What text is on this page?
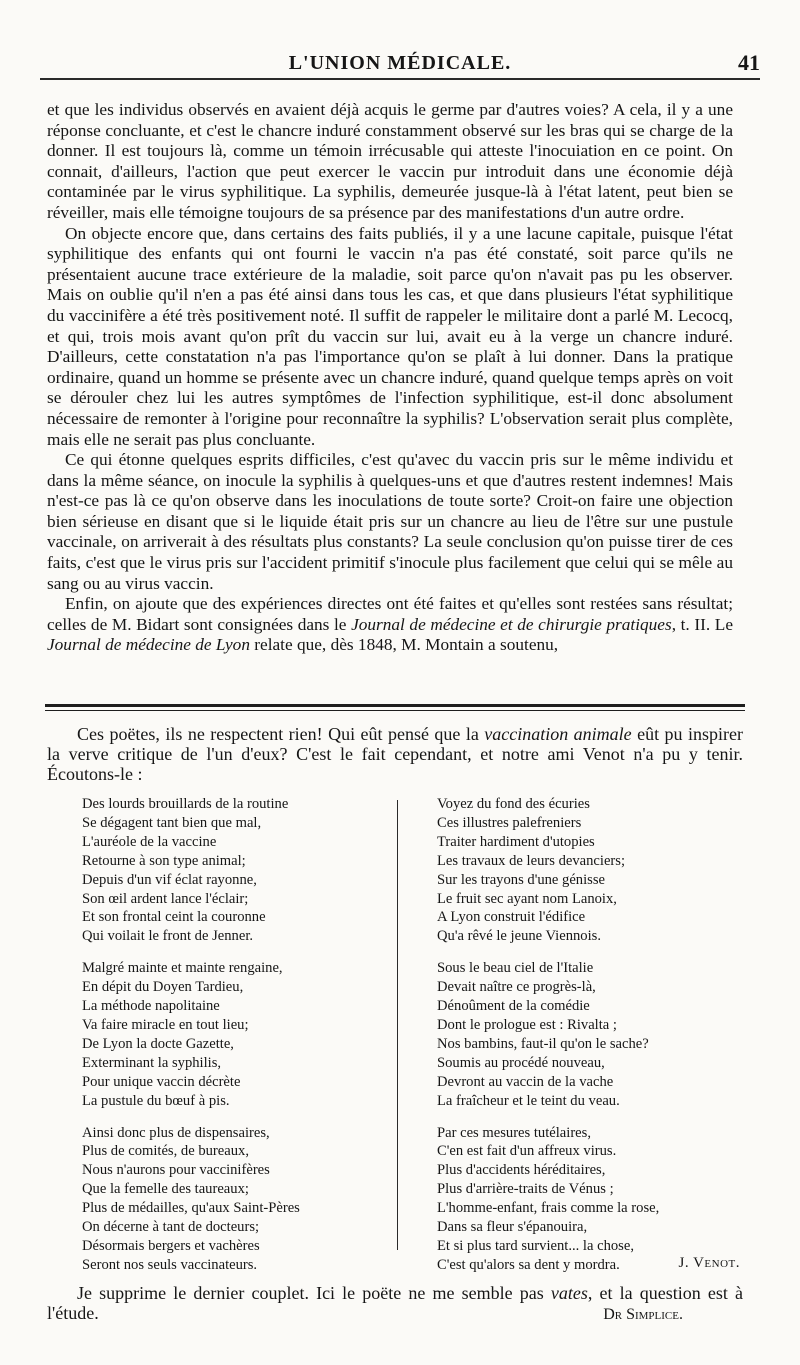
L'UNION MÉDICALE.	41

et que les individus observés en avaient déjà acquis le germe par d'autres voies? A cela, il y a une réponse concluante, et c'est le chancre induré constamment observé sur les bras qui se charge de la donner. Il est toujours là, comme un témoin irrécusable qui atteste l'inocuiation en ce point. On connait, d'ailleurs, l'action que peut exercer le vaccin pur introduit dans une économie déjà contaminée par le virus syphilitique. La syphilis, demeurée jusque-là à l'état latent, peut bien se réveiller, mais elle témoigne toujours de sa présence par des manifestations d'un autre ordre.

On objecte encore que, dans certains des faits publiés, il y a une lacune capitale, puisque l'état syphilitique des enfants qui ont fourni le vaccin n'a pas été constaté, soit parce qu'ils ne présentaient aucune trace extérieure de la maladie, soit parce qu'on n'avait pas pu les observer. Mais on oublie qu'il n'en a pas été ainsi dans tous les cas, et que dans plusieurs l'état syphilitique du vaccinifère a été très positivement noté. Il suffit de rappeler le militaire dont a parlé M. Lecocq, et qui, trois mois avant qu'on prît du vaccin sur lui, avait eu à la verge un chancre induré. D'ailleurs, cette constatation n'a pas l'importance qu'on se plaît à lui donner. Dans la pratique ordinaire, quand un homme se présente avec un chancre induré, quand quelque temps après on voit se dérouler chez lui les autres symptômes de l'infection syphilitique, est-il donc absolument nécessaire de remonter à l'origine pour reconnaître la syphilis? L'observation serait plus complète, mais elle ne serait pas plus concluante.

Ce qui étonne quelques esprits difficiles, c'est qu'avec du vaccin pris sur le même individu et dans la même séance, on inocule la syphilis à quelques-uns et que d'autres restent indemnes! Mais n'est-ce pas là ce qu'on observe dans les inoculations de toute sorte? Croit-on faire une objection bien sérieuse en disant que si le liquide était pris sur un chancre au lieu de l'être sur une pustule vaccinale, on arriverait à des résultats plus constants? La seule conclusion qu'on puisse tirer de ces faits, c'est que le virus pris sur l'accident primitif s'inocule plus facilement que celui qui se mêle au sang ou au virus vaccin.

Enfin, on ajoute que des expériences directes ont été faites et qu'elles sont restées sans résultat; celles de M. Bidart sont consignées dans le Journal de médecine et de chirurgie pratiques, t. II. Le Journal de médecine de Lyon relate que, dès 1848, M. Montain a soutenu,

Ces poëtes, ils ne respectent rien! Qui eût pensé que la vaccination animale eût pu inspirer la verve critique de l'un d'eux? C'est le fait cependant, et notre ami Venot n'a pu y tenir. Écoutons-le :

Des lourds brouillards de la routine
Se dégagent tant bien que mal,
L'auréole de la vaccine
Retourne à son type animal;
Depuis d'un vif éclat rayonne,
Son œil ardent lance l'éclair;
Et son frontal ceint la couronne
Qui voilait le front de Jenner.
Malgré mainte et mainte rengaine,
En dépit du Doyen Tardieu,
La méthode napolitaine
Va faire miracle en tout lieu;
De Lyon la docte Gazette,
Exterminant la syphilis,
Pour unique vaccin décrète
La pustule du bœuf à pis.
Ainsi donc plus de dispensaires,
Plus de comités, de bureaux,
Nous n'aurons pour vaccinifères
Que la femelle des taureaux;
Plus de médailles, qu'aux Saint-Pères
On décerne à tant de docteurs;
Désormais bergers et vachères
Seront nos seuls vaccinateurs.
Voyez du fond des écuries
Ces illustres palefreniers
Traiter hardiment d'utopies
Les travaux de leurs devanciers;
Sur les trayons d'une génisse
Le fruit sec ayant nom Lanoix,
A Lyon construit l'édifice
Qu'a rêvé le jeune Viennois.
Sous le beau ciel de l'Italie
Devait naître ce progrès-là,
Dénoûment de la comédie
Dont le prologue est : Rivalta ;
Nos bambins, faut-il qu'on le sache?
Soumis au procédé nouveau,
Devront au vaccin de la vache
La fraîcheur et le teint du veau.
Par ces mesures tutélaires,
C'en est fait d'un affreux virus.
Plus d'accidents héréditaires,
Plus d'arrière-traits de Vénus ;
L'homme-enfant, frais comme la rose,
Dans sa fleur s'épanouira,
Et si plus tard survient... la chose,
C'est qu'alors sa dent y mordra.	J. Venot.

Je supprime le dernier couplet. Ici le poëte ne me semble pas vates, et la question est à l'étude.	Dr Simplice.
